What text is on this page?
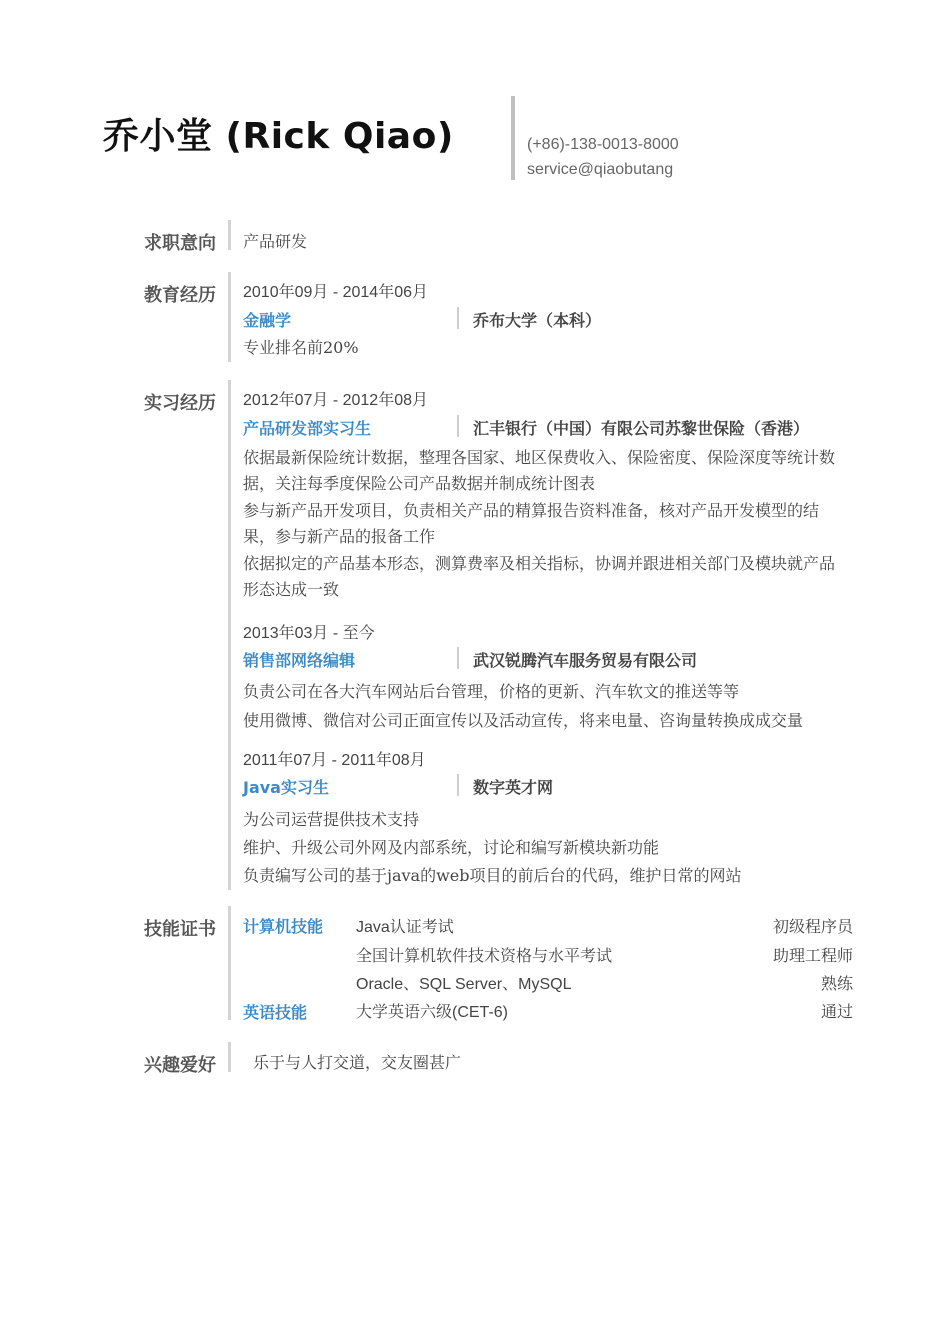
乔小堂 (Rick Qiao)	(+86)-138-0013-8000
service@qiaobutang
求职意向 产品研发
教育经历 2010年09月 - 2014年06月
金融学	乔布大学（本科）
专业排名前20%
实习经历 2012年07月 - 2012年08月
产品研发部实习生	汇丰银行（中国）有限公司苏黎世保险（香港）
依据最新保险统计数据，整理各国家、地区保费收入、保险密度、保险深度等统计数据，关注每季度保险公司产品数据并制成统计图表
参与新产品开发项目，负责相关产品的精算报告资料准备，核对产品开发模型的结果，参与新产品的报备工作
依据拟定的产品基本形态，测算费率及相关指标，协调并跟进相关部门及模块就产品形态达成一致
2013年03月 - 至今
销售部网络编辑	武汉锐腾汽车服务贸易有限公司
负责公司在各大汽车网站后台管理，价格的更新、汽车软文的推送等等
使用微博、微信对公司正面宣传以及活动宣传，将来电量、咨询量转换成成交量
2011年07月 - 2011年08月
Java实习生	数字英才网
为公司运营提供技术支持
维护、升级公司外网及内部系统，讨论和编写新模块新功能
负责编写公司的基于java的web项目的前后台的代码，维护日常的网站
技能证书 计算机技能 Java认证考试	初级程序员
全国计算机软件技术资格与水平考试	助理工程师
Oracle、SQL Server、MySQL	熟练
英语技能	大学英语六级(CET-6)	通过
兴趣爱好 乐于与人打交道，交友圈甚广
